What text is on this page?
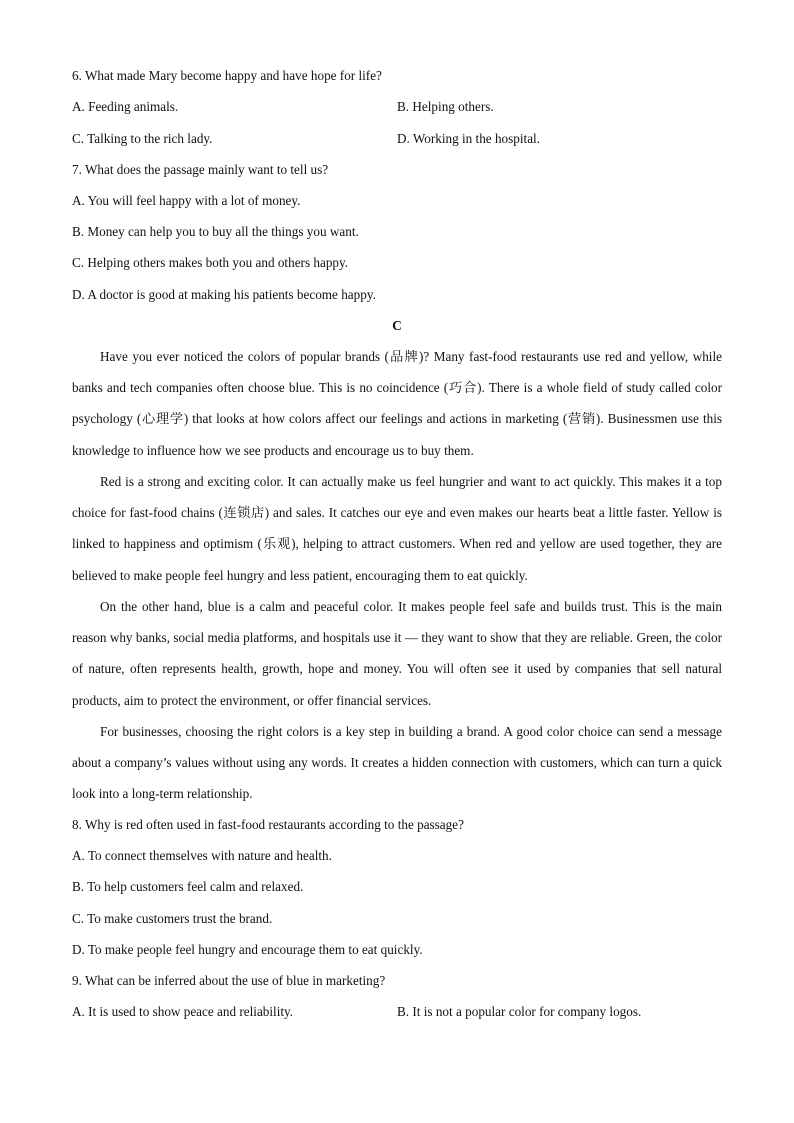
6. What made Mary become happy and have hope for life?
A. Feeding animals.	B. Helping others.
C. Talking to the rich lady.	D. Working in the hospital.
7. What does the passage mainly want to tell us?
A. You will feel happy with a lot of money.
B. Money can help you to buy all the things you want.
C. Helping others makes both you and others happy.
D. A doctor is good at making his patients become happy.
C

Have you ever noticed the colors of popular brands (品牌)? Many fast-food restaurants use red and yellow, while banks and tech companies often choose blue. This is no coincidence (巧合). There is a whole field of study called color psychology (心理学) that looks at how colors affect our feelings and actions in marketing (营销). Businessmen use this knowledge to influence how we see products and encourage us to buy them.

Red is a strong and exciting color. It can actually make us feel hungrier and want to act quickly. This makes it a top choice for fast-food chains (连锁店) and sales. It catches our eye and even makes our hearts beat a little faster. Yellow is linked to happiness and optimism (乐观), helping to attract customers. When red and yellow are used together, they are believed to make people feel hungry and less patient, encouraging them to eat quickly.

On the other hand, blue is a calm and peaceful color. It makes people feel safe and builds trust. This is the main reason why banks, social media platforms, and hospitals use it — they want to show that they are reliable. Green, the color of nature, often represents health, growth, hope and money. You will often see it used by companies that sell natural products, aim to protect the environment, or offer financial services.

For businesses, choosing the right colors is a key step in building a brand. A good color choice can send a message about a company’s values without using any words. It creates a hidden connection with customers, which can turn a quick look into a long-term relationship.

8. Why is red often used in fast-food restaurants according to the passage?
A. To connect themselves with nature and health.
B. To help customers feel calm and relaxed.
C. To make customers trust the brand.
D. To make people feel hungry and encourage them to eat quickly.
9. What can be inferred about the use of blue in marketing?
A. It is used to show peace and reliability.	B. It is not a popular color for company logos.
